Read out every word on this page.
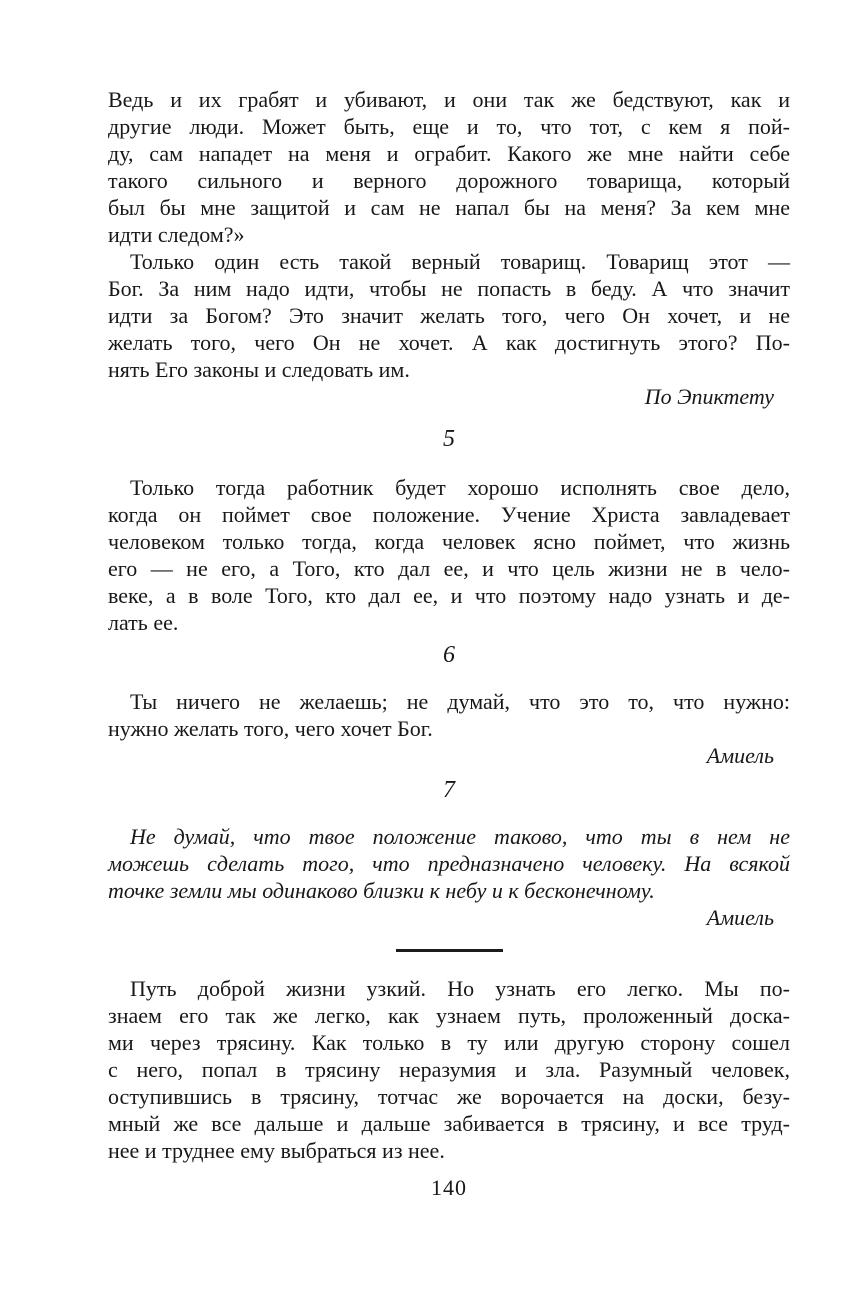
Ведь и их грабят и убивают, и они так же бедствуют, как и
другие люди. Может быть, еще и то, что тот, с кем я пой-
ду, сам нападет на меня и ограбит. Какого же мне найти себе
такого сильного и верного дорожного товарища, который
был бы мне защитой и сам не напал бы на меня? За кем мне
идти следом?»
Только один есть такой верный товарищ. Товарищ этот —
Бог. За ним надо идти, чтобы не попасть в беду. А что значит
идти за Богом? Это значит желать того, чего Он хочет, и не
желать того, чего Он не хочет. А как достигнуть этого? По-
нять Его законы и следовать им.
По Эпиктету
5
Только тогда работник будет хорошо исполнять свое дело,
когда он поймет свое положение. Учение Христа завладевает
человеком только тогда, когда человек ясно поймет, что жизнь
его — не его, а Того, кто дал ее, и что цель жизни не в чело-
веке, а в воле Того, кто дал ее, и что поэтому надо узнать и де-
лать ее.
6
Ты ничего не желаешь; не думай, что это то, что нужно:
нужно желать того, чего хочет Бог.
Амиель
7
Не думай, что твое положение таково, что ты в нем не
можешь сделать того, что предназначено человеку. На всякой
точке земли мы одинаково близки к небу и к бесконечному.
Амиель
Путь доброй жизни узкий. Но узнать его легко. Мы по-
знаем его так же легко, как узнаем путь, проложенный доска-
ми через трясину. Как только в ту или другую сторону сошел
с него, попал в трясину неразумия и зла. Разумный человек,
оступившись в трясину, тотчас же ворочается на доски, безу-
мный же все дальше и дальше забивается в трясину, и все труд-
нее и труднее ему выбраться из нее.
140
